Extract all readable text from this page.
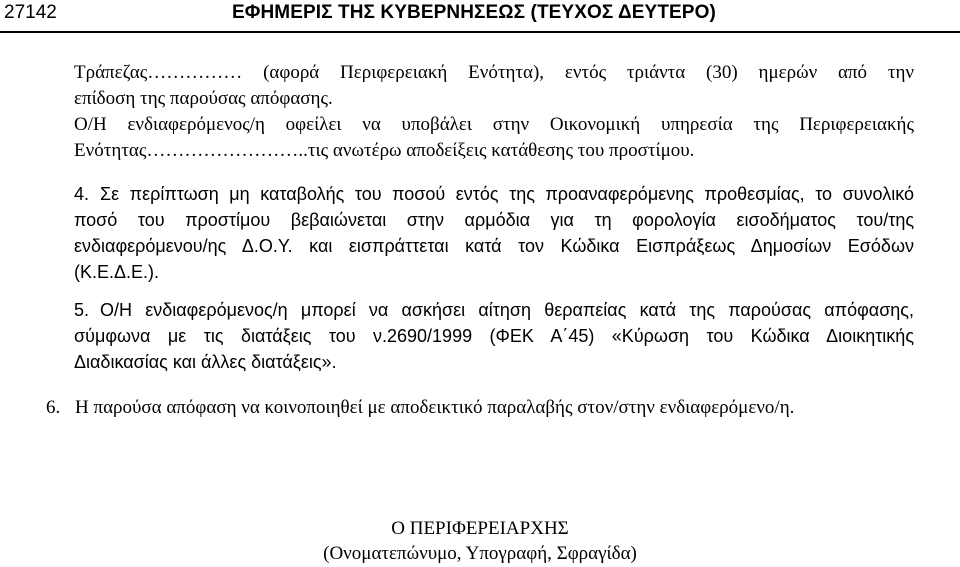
27142	ΕΦΗΜΕΡΙΣ ΤΗΣ ΚΥΒΕΡΝΗΣΕΩΣ (ΤΕΥΧΟΣ ΔΕΥΤΕΡΟ)
Τράπεζας…………… (αφορά Περιφερειακή Ενότητα), εντός τριάντα (30) ημερών από την
επίδοση της παρούσας απόφασης.
Ο/Η ενδιαφερόμενος/η οφείλει να υποβάλει στην Οικονομική υπηρεσία της Περιφερειακής
Ενότητας……………………..τις ανωτέρω αποδείξεις κατάθεσης του προστίμου.
4. Σε περίπτωση μη καταβολής του ποσού εντός της προαναφερόμενης προθεσμίας, το συνολικό
ποσό του προστίμου βεβαιώνεται στην αρμόδια για τη φορολογία εισοδήματος του/της
ενδιαφερόμενου/ης Δ.Ο.Υ. και εισπράττεται κατά τον Κώδικα Εισπράξεως Δημοσίων Εσόδων
(Κ.Ε.Δ.Ε.).
5. Ο/Η ενδιαφερόμενος/η μπορεί να ασκήσει αίτηση θεραπείας κατά της παρούσας απόφασης,
σύμφωνα με τις διατάξεις του ν.2690/1999 (ΦΕΚ Α΄45) «Κύρωση του Κώδικα Διοικητικής
Διαδικασίας και άλλες διατάξεις».
6. Η παρούσα απόφαση να κοινοποιηθεί με αποδεικτικό παραλαβής στον/στην ενδιαφερόμενο/η.
Ο ΠΕΡΙΦΕΡΕΙΑΡΧΗΣ
(Ονοματεπώνυμο, Υπογραφή, Σφραγίδα)
